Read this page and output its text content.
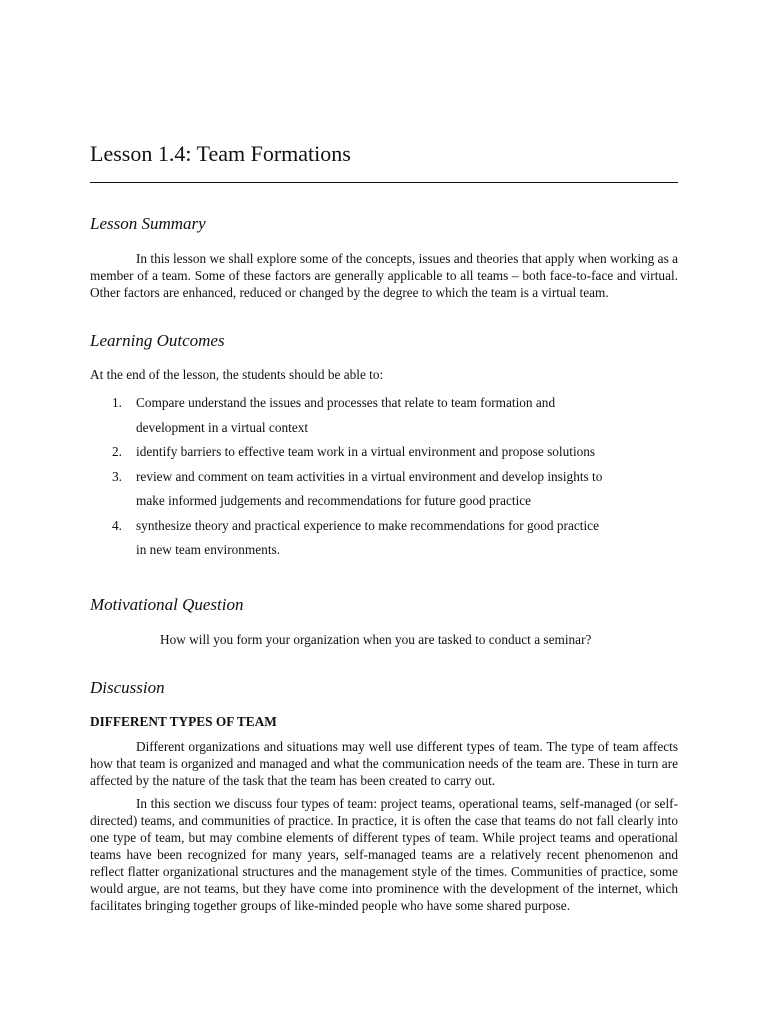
Lesson 1.4: Team Formations
Lesson Summary

In this lesson we shall explore some of the concepts, issues and theories that apply when working as a member of a team. Some of these factors are generally applicable to all teams – both face-to-face and virtual. Other factors are enhanced, reduced or changed by the degree to which the team is a virtual team.

Learning Outcomes
At the end of the lesson, the students should be able to:
1. Compare understand the issues and processes that relate to team formation and
development in a virtual context
2. identify barriers to effective team work in a virtual environment and propose solutions
3. review and comment on team activities in a virtual environment and develop insights to
make informed judgements and recommendations for future good practice
4. synthesize theory and practical experience to make recommendations for good practice
in new team environments.
Motivational Question
How will you form your organization when you are tasked to conduct a seminar?
Discussion
DIFFERENT TYPES OF TEAM

Different organizations and situations may well use different types of team. The type of team affects how that team is organized and managed and what the communication needs of the team are. These in turn are affected by the nature of the task that the team has been created to carry out.

In this section we discuss four types of team: project teams, operational teams, self-managed (or self-directed) teams, and communities of practice. In practice, it is often the case that teams do not fall clearly into one type of team, but may combine elements of different types of team. While project teams and operational teams have been recognized for many years, self-managed teams are a relatively recent phenomenon and reflect flatter organizational structures and the management style of the times. Communities of practice, some would argue, are not teams, but they have come into prominence with the development of the internet, which facilitates bringing together groups of like-minded people who have some shared purpose.
